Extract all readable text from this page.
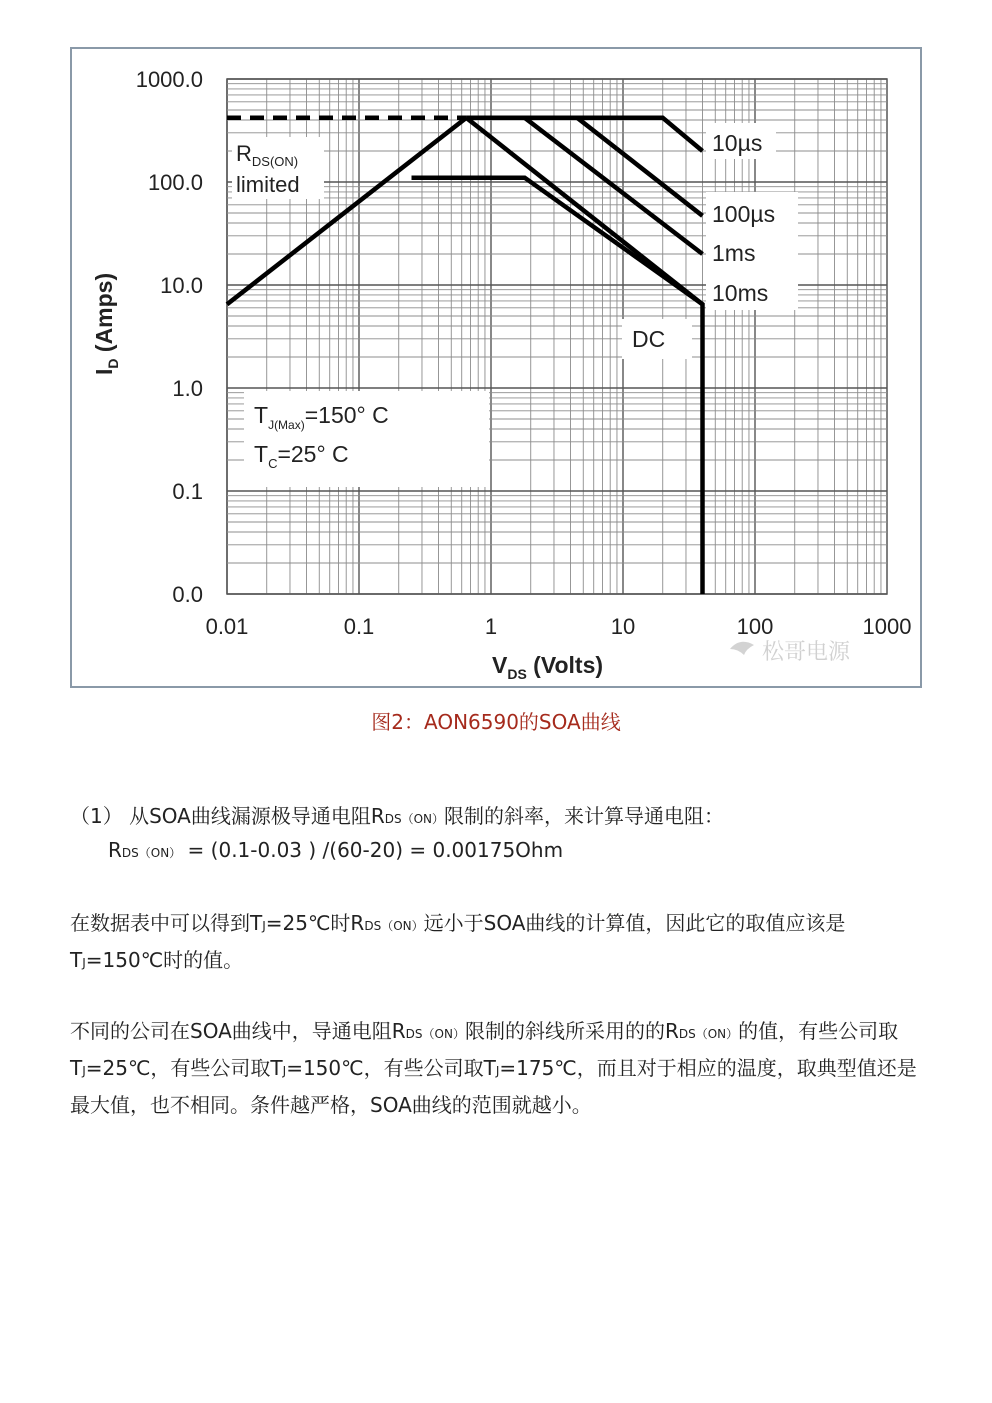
0.01	0.1	1	10	100	1000
0.0
0.1
1.0
10.0
100.0
1000.0
$R_{DS(ON)}$
limited
10µs
100µs
1ms
10ms
DC
$T_{J(Max)}=150^\circ$ C
$T_C=25^\circ$ C
$I_D$ (Amps)
$V_{DS}$ (Volts)	松哥电源
图2：AON6590的SOA曲线

（1） 从SOA曲线漏源极导通电阻RDS（ON）限制的斜率，来计算导通电阻：

RDS（ON） = (0.1-0.03 ) /(60-20) = 0.00175Ohm

在数据表中可以得到TJ=25℃时RDS（ON）远小于SOA曲线的计算值，因此它的取值应该是TJ=150℃时的值。

不同的公司在SOA曲线中，导通电阻RDS（ON）限制的斜线所采用的的RDS（ON）的值，有些公司取TJ=25℃，有些公司取TJ=150℃，有些公司取TJ=175℃，而且对于相应的温度，取典型值还是最大值，也不相同。条件越严格，SOA曲线的范围就越小。
